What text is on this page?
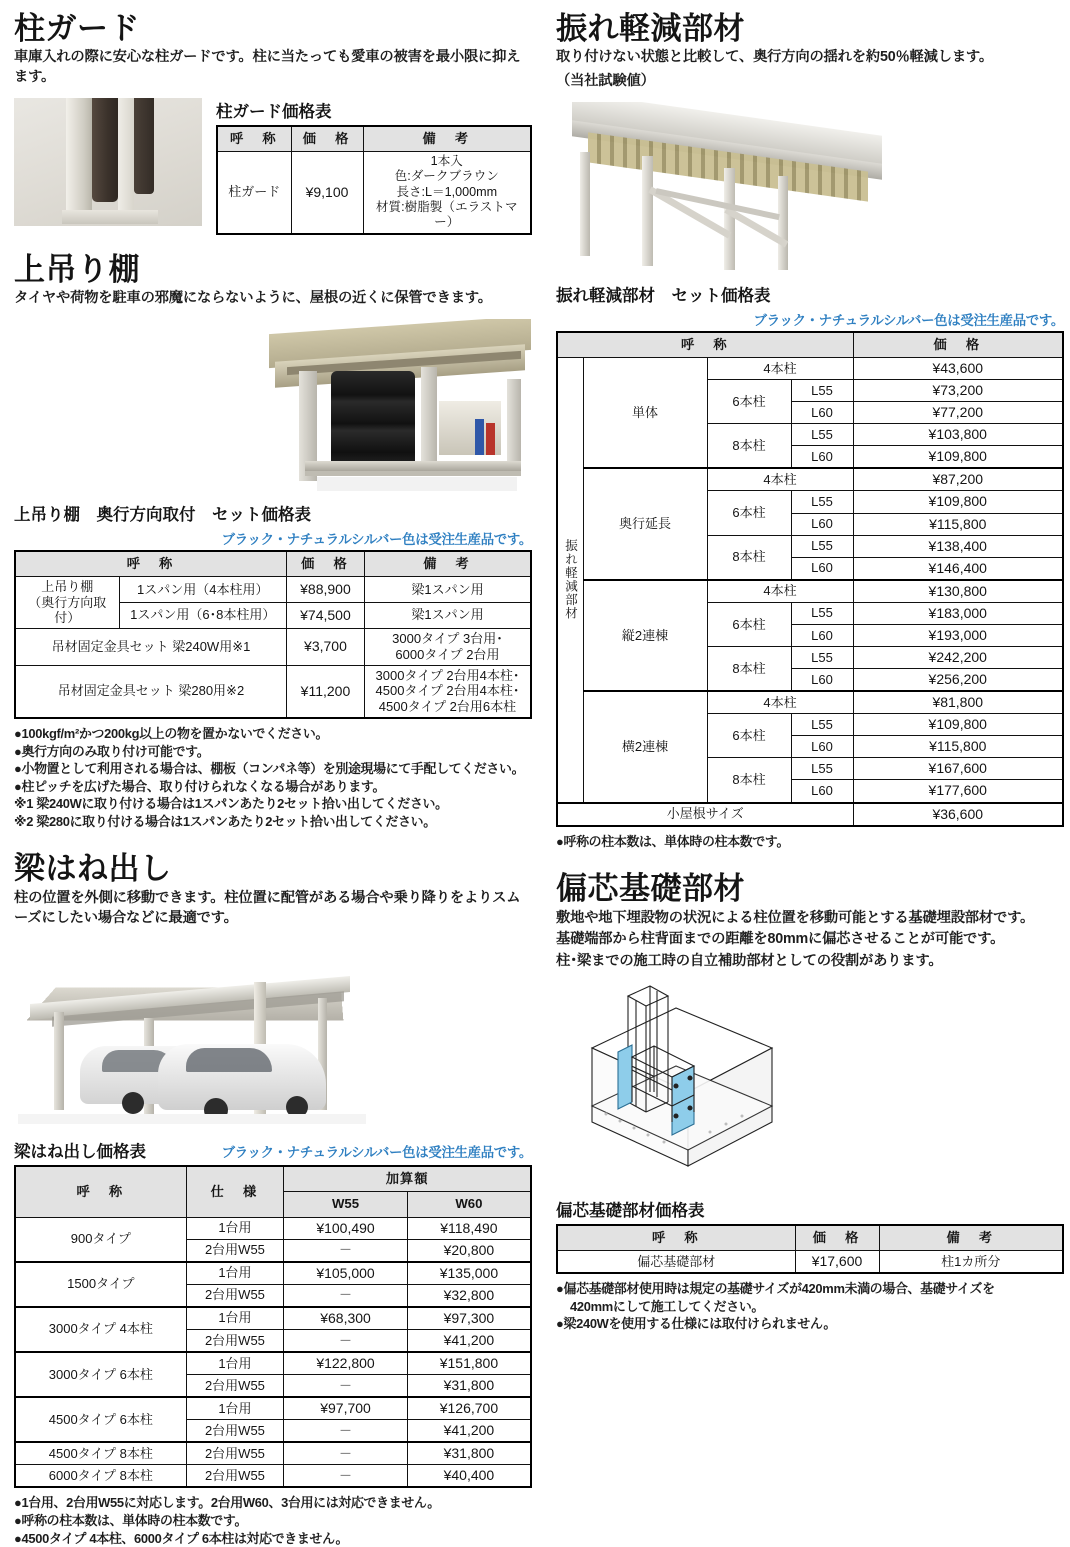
柱ガード

車庫入れの際に安心な柱ガードです。柱に当たっても愛車の被害を最小限に抑えます。

柱ガード価格表
呼　称	価　格	備　考
柱ガード	¥9,100	1本入
色:ダークブラウン
長さ:L＝1,000mm
材質:樹脂製（エラストマー）
上吊り棚

タイヤや荷物を駐車の邪魔にならないように、屋根の近くに保管できます。

上吊り棚　奥行方向取付　セット価格表
ブラック・ナチュラルシルバー色は受注生産品です。
呼　称		価　格	備　考

上吊り棚
（奥行方向取付）	1スパン用（4本柱用）	¥88,900	梁1スパン用
	1スパン用（6･8本柱用）	¥74,500	梁1スパン用
吊材固定金具セット 梁240W用※1		¥3,700	3000タイプ 3台用･
6000タイプ 2台用

吊材固定金具セット 梁280用※2		¥11,200	3000タイプ 2台用4本柱･
4500タイプ 2台用4本柱･
4500タイプ 2台用6本柱
●100kgf/m²かつ200kg以上の物を置かないでください。
●奥行方向のみ取り付け可能です。
●小物置として利用される場合は、棚板（コンパネ等）を別途現場にて手配してください。
●柱ピッチを広げた場合、取り付けられなくなる場合があります。
※1 梁240Wに取り付ける場合は1スパンあたり2セット拾い出してください。
※2 梁280に取り付ける場合は1スパンあたり2セット拾い出してください。
梁はね出し

柱の位置を外側に移動できます。柱位置に配管がある場合や乗り降りをよりスムーズにしたい場合などに最適です。

梁はね出し価格表	ブラック・ナチュラルシルバー色は受注生産品です。
呼　称	仕　様	加算額	
		W55	W60
900タイプ	1台用	¥100,490	¥118,490
	2台用W55	－	¥20,800
1500タイプ	1台用	¥105,000	¥135,000
	2台用W55	－	¥32,800
3000タイプ 4本柱	1台用	¥68,300	¥97,300
	2台用W55	－	¥41,200
3000タイプ 6本柱	1台用	¥122,800	¥151,800
	2台用W55	－	¥31,800
4500タイプ 6本柱	1台用	¥97,700	¥126,700
	2台用W55	－	¥41,200
4500タイプ 8本柱	2台用W55	－	¥31,800
6000タイプ 8本柱	2台用W55	－	¥40,400
●1台用、2台用W55に対応します。2台用W60、3台用には対応できません。
●呼称の柱本数は、単体時の柱本数です。
●4500タイプ 4本柱、6000タイプ 6本柱は対応できません。
振れ軽減部材

取り付けない状態と比較して、奥行方向の揺れを約50％軽減します。

（当社試験値）

振れ軽減部材　セット価格表
ブラック・ナチュラルシルバー色は受注生産品です。
呼　称				価　格

振れ軽減部材	単体	4本柱		¥43,600
		6本柱	L55	¥73,200
			L60	¥77,200
		8本柱	L55	¥103,800
			L60	¥109,800
	奥行延長	4本柱		¥87,200
		6本柱	L55	¥109,800
			L60	¥115,800
		8本柱	L55	¥138,400
			L60	¥146,400
	縦2連棟	4本柱		¥130,800
		6本柱	L55	¥183,000
			L60	¥193,000
		8本柱	L55	¥242,200
			L60	¥256,200
	横2連棟	4本柱		¥81,800
		6本柱	L55	¥109,800
			L60	¥115,800
		8本柱	L55	¥167,600
			L60	¥177,600
小屋根サイズ				¥36,600
●呼称の柱本数は、単体時の柱本数です。
偏芯基礎部材

敷地や地下埋設物の状況による柱位置を移動可能とする基礎埋設部材です。

基礎端部から柱背面までの距離を80mmに偏芯させることが可能です。

柱･梁までの施工時の自立補助部材としての役割があります。

偏芯基礎部材価格表
呼　称	価　格	備　考
偏芯基礎部材	¥17,600	柱1カ所分
●偏芯基礎部材使用時は規定の基礎サイズが420mm未満の場合、基礎サイズを
420mmにして施工してください。
●梁240Wを使用する仕様には取付けられません。
